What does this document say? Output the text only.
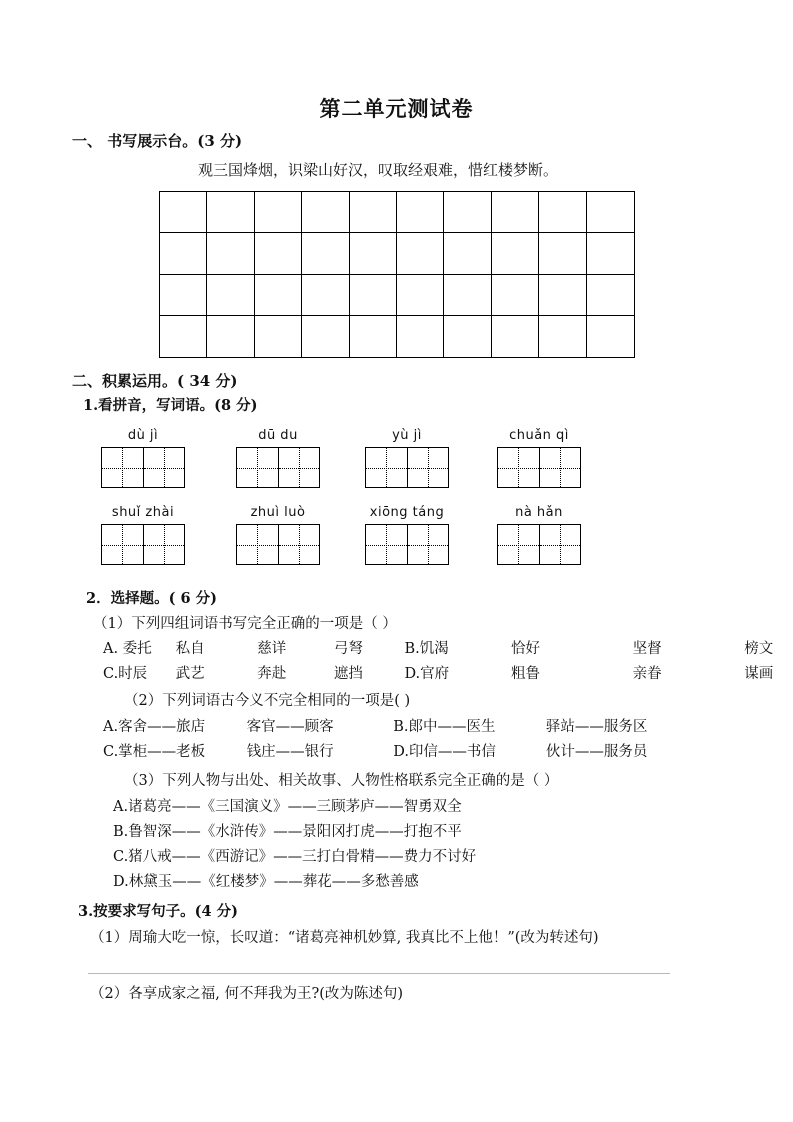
第二单元测试卷
一、 书写展示台。(3 分)
观三国烽烟，识梁山好汉，叹取经艰难，惜红楼梦断。
二、积累运用。( 34 分)
1.看拼音，写词语。(8 分)
dù jì	dū du	yù jì	chuǎn qì
shuǐ zhài	zhuì luò	xiōng táng	nà hǎn
2．选择题。( 6 分)
（1）下列四组词语书写完全正确的一项是（ ）
A. 委托 私自	慈详	弓弩	B.饥渴	恰好	坚督	榜文
C.时辰 武艺	奔赴	遮挡	D.官府	粗鲁	亲眷	谋画
（2）下列词语古今义不完全相同的一项是( )
A.客舍——旅店	客官——顾客	B.郎中——医生	驿站——服务区
C.掌柜——老板	钱庄——银行	D.印信——书信	伙计——服务员
（3）下列人物与出处、相关故事、人物性格联系完全正确的是（ ）
A.诸葛亮——《三国演义》——三顾茅庐——智勇双全
B.鲁智深——《水浒传》——景阳冈打虎——打抱不平
C.猪八戒——《西游记》——三打白骨精——费力不讨好
D.林黛玉——《红楼梦》——葬花——多愁善感
3.按要求写句子。(4 分)
（1）周瑜大吃一惊，长叹道：“诸葛亮神机妙算, 我真比不上他！”(改为转述句)
（2）各享成家之福, 何不拜我为王?(改为陈述句)
